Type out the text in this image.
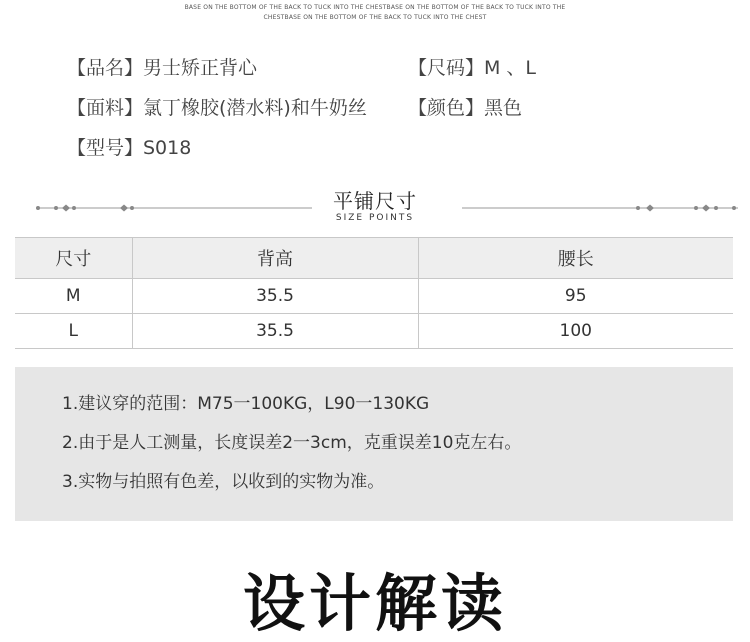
BASE ON THE BOTTOM OF THE BACK TO TUCK INTO THE CHESTBASE ON THE BOTTOM OF THE BACK TO TUCK INTO THE
CHESTBASE ON THE BOTTOM OF THE BACK TO TUCK INTO THE CHEST
【品名】男士矫正背心	【尺码】M 、L
【面料】氯丁橡胶(潜水料)和牛奶丝 【颜色】黑色
【型号】S018
平铺尺寸
SIZE POINTS
尺寸	背高	腰长
M	35.5	95
L	35.5	100
1.建议穿的范围：M75一100KG，L90一130KG
2.由于是人工测量，长度误差2一3cm，克重误差10克左右。
3.实物与拍照有色差，以收到的实物为准。
设计解读
